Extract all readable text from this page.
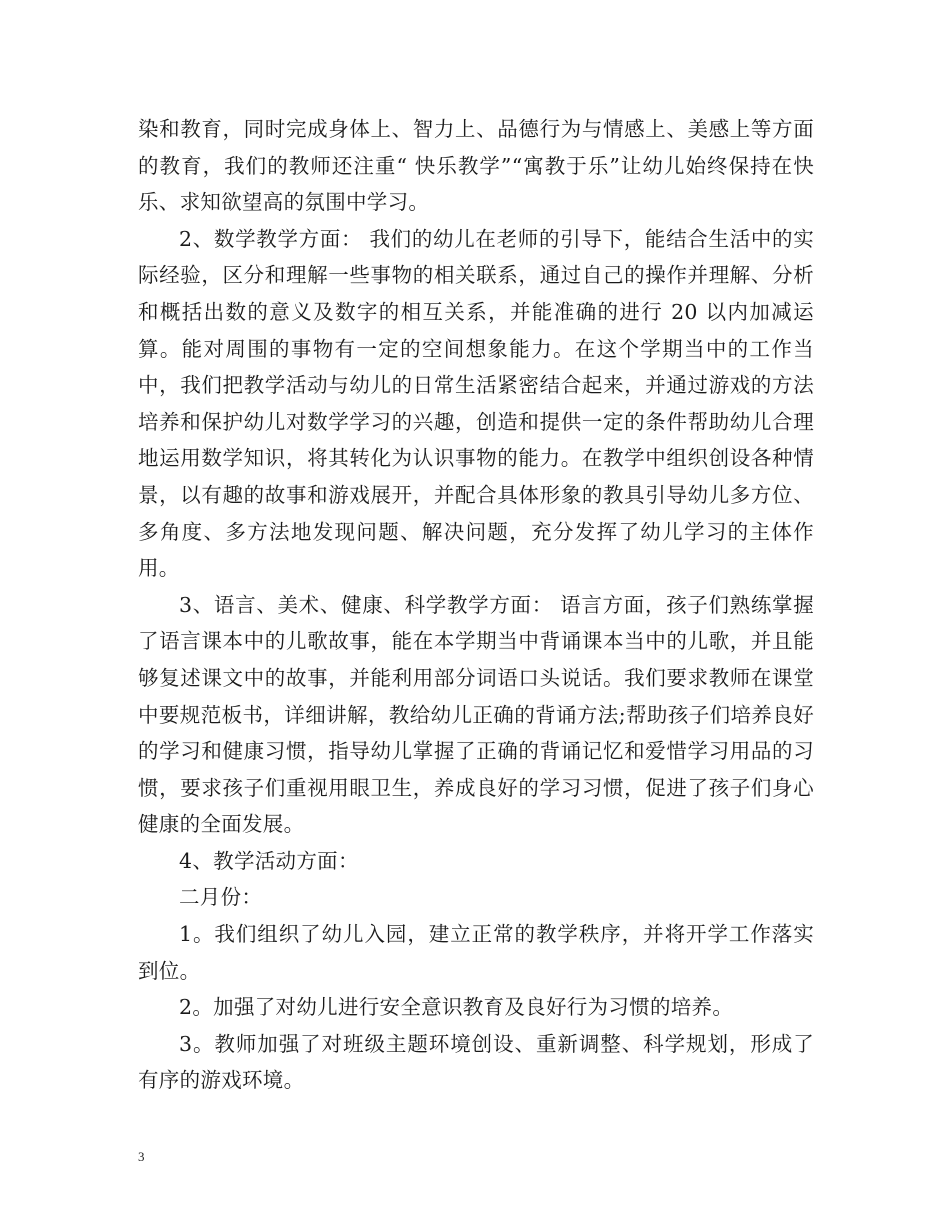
染和教育，同时完成身体上、智力上、品德行为与情感上、美感上等方面的教育，我们的教师还注重“ 快乐教学”“寓教于乐”让幼儿始终保持在快乐、求知欲望高的氛围中学习。

2、数学教学方面： 我们的幼儿在老师的引导下，能结合生活中的实际经验，区分和理解一些事物的相关联系，通过自己的操作并理解、分析和概括出数的意义及数字的相互关系，并能准确的进行 20 以内加减运算。能对周围的事物有一定的空间想象能力。在这个学期当中的工作当中，我们把教学活动与幼儿的日常生活紧密结合起来，并通过游戏的方法培养和保护幼儿对数学学习的兴趣，创造和提供一定的条件帮助幼儿合理地运用数学知识，将其转化为认识事物的能力。在教学中组织创设各种情景，以有趣的故事和游戏展开，并配合具体形象的教具引导幼儿多方位、多角度、多方法地发现问题、解决问题，充分发挥了幼儿学习的主体作用。

3、语言、美术、健康、科学教学方面： 语言方面，孩子们熟练掌握了语言课本中的儿歌故事，能在本学期当中背诵课本当中的儿歌，并且能够复述课文中的故事，并能利用部分词语口头说话。我们要求教师在课堂中要规范板书，详细讲解，教给幼儿正确的背诵方法;帮助孩子们培养良好的学习和健康习惯，指导幼儿掌握了正确的背诵记忆和爱惜学习用品的习惯，要求孩子们重视用眼卫生，养成良好的学习习惯，促进了孩子们身心健康的全面发展。

4、教学活动方面：

二月份：

1。我们组织了幼儿入园，建立正常的教学秩序，并将开学工作落实到位。

2。加强了对幼儿进行安全意识教育及良好行为习惯的培养。

3。教师加强了对班级主题环境创设、重新调整、科学规划，形成了有序的游戏环境。

3
